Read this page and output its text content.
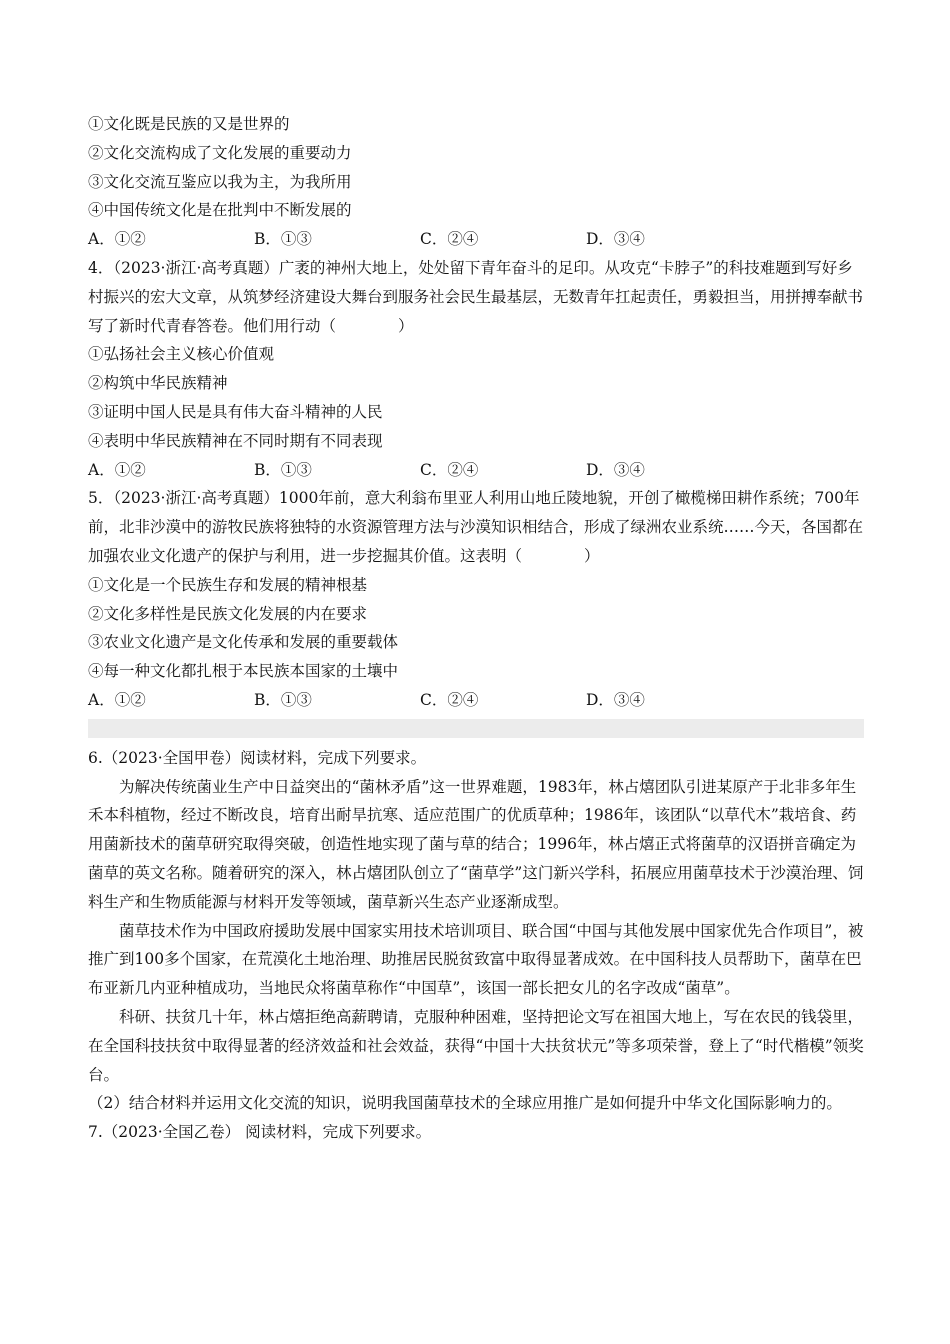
①文化既是民族的又是世界的
②文化交流构成了文化发展的重要动力
③文化交流互鉴应以我为主，为我所用
④中国传统文化是在批判中不断发展的
A．①②	B．①③	C．②④	D．③④
4．（2023·浙江·高考真题）广袤的神州大地上，处处留下青年奋斗的足印。从攻克“卡脖子”的科技难题到写好乡村振兴的宏大文章，从筑梦经济建设大舞台到服务社会民生最基层，无数青年扛起责任，勇毅担当，用拼搏奉献书写了新时代青春答卷。他们用行动（　　　　）
①弘扬社会主义核心价值观
②构筑中华民族精神
③证明中国人民是具有伟大奋斗精神的人民
④表明中华民族精神在不同时期有不同表现
A．①②	B．①③	C．②④	D．③④
5．（2023·浙江·高考真题）1000年前，意大利翁布里亚人利用山地丘陵地貌，开创了橄榄梯田耕作系统；700年前，北非沙漠中的游牧民族将独特的水资源管理方法与沙漠知识相结合，形成了绿洲农业系统……今天，各国都在加强农业文化遗产的保护与利用，进一步挖掘其价值。这表明（　　　　）
①文化是一个民族生存和发展的精神根基
②文化多样性是民族文化发展的内在要求
③农业文化遗产是文化传承和发展的重要载体
④每一种文化都扎根于本民族本国家的土壤中
A．①②	B．①③	C．②④	D．③④
6.（2023·全国甲卷）阅读材料，完成下列要求。
为解决传统菌业生产中日益突出的“菌林矛盾”这一世界难题，1983年，林占熺团队引进某原产于北非多年生禾本科植物，经过不断改良，培育出耐旱抗寒、适应范围广的优质草种；1986年，该团队“以草代木”栽培食、药用菌新技术的菌草研究取得突破，创造性地实现了菌与草的结合；1996年，林占熺正式将菌草的汉语拼音确定为菌草的英文名称。随着研究的深入，林占熺团队创立了“菌草学”这门新兴学科，拓展应用菌草技术于沙漠治理、饲料生产和生物质能源与材料开发等领域，菌草新兴生态产业逐渐成型。
菌草技术作为中国政府援助发展中国家实用技术培训项目、联合国“中国与其他发展中国家优先合作项目”，被推广到100多个国家，在荒漠化土地治理、助推居民脱贫致富中取得显著成效。在中国科技人员帮助下，菌草在巴布亚新几内亚种植成功，当地民众将菌草称作“中国草”，该国一部长把女儿的名字改成“菌草”。
科研、扶贫几十年，林占熺拒绝高薪聘请，克服种种困难，坚持把论文写在祖国大地上，写在农民的钱袋里，在全国科技扶贫中取得显著的经济效益和社会效益，获得“中国十大扶贫状元”等多项荣誉，登上了“时代楷模”领奖台。
（2）结合材料并运用文化交流的知识，说明我国菌草技术的全球应用推广是如何提升中华文化国际影响力的。
7.（2023·全国乙卷） 阅读材料，完成下列要求。
